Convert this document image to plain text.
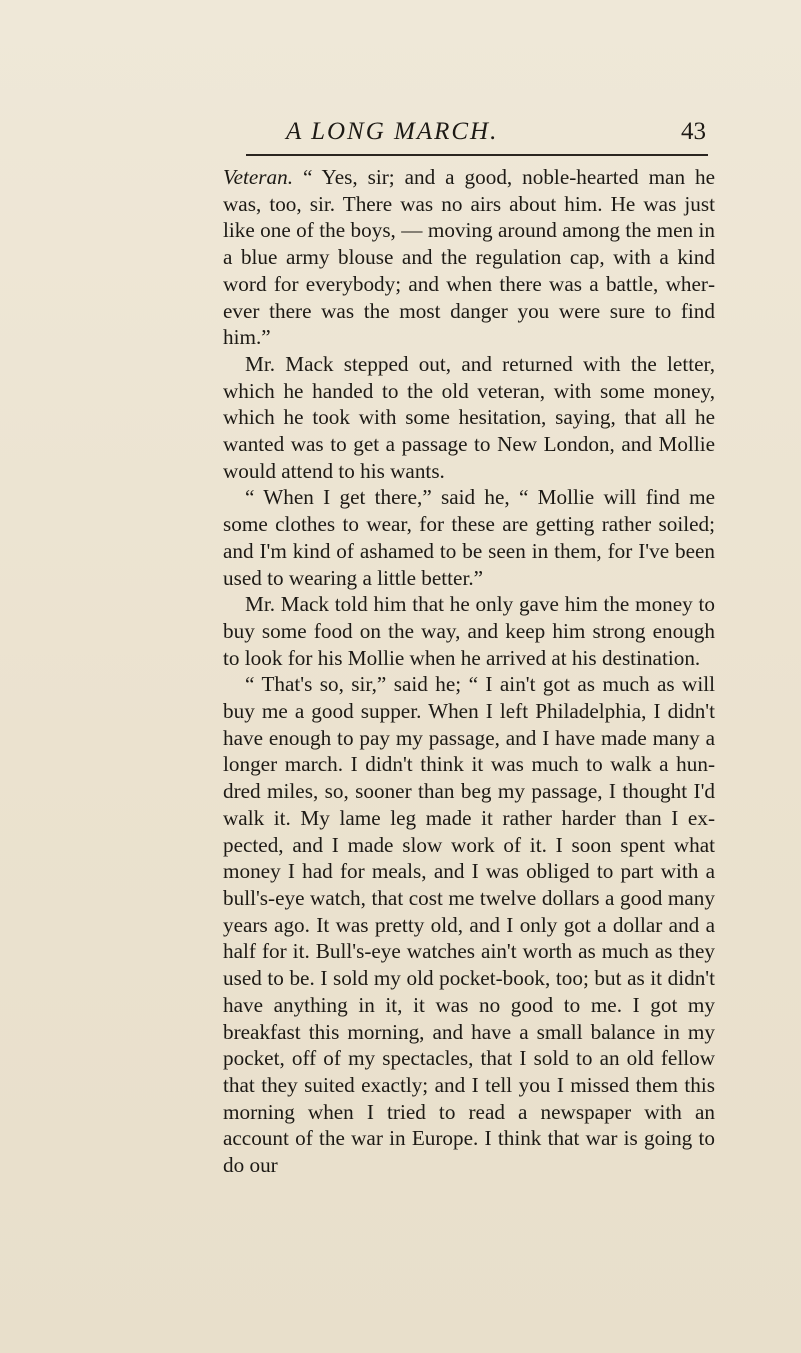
A LONG MARCH.	43

Veteran. “ Yes, sir; and a good, noble-hearted man he was, too, sir. There was no airs about him. He was just like one of the boys, — moving around among the men in a blue army blouse and the regulation cap, with a kind word for everybody; and when there was a battle, wherever there was the most danger you were sure to find him.”

Mr. Mack stepped out, and returned with the letter, which he handed to the old veteran, with some money, which he took with some hesitation, saying, that all he wanted was to get a passage to New London, and Mollie would attend to his wants.

“ When I get there,” said he, “ Mollie will find me some clothes to wear, for these are getting rather soiled; and I'm kind of ashamed to be seen in them, for I've been used to wearing a little better.”

Mr. Mack told him that he only gave him the money to buy some food on the way, and keep him strong enough to look for his Mollie when he arrived at his destination.

“ That's so, sir,” said he; “ I ain't got as much as will buy me a good supper. When I left Philadelphia, I didn't have enough to pay my passage, and I have made many a longer march. I didn't think it was much to walk a hundred miles, so, sooner than beg my passage, I thought I'd walk it. My lame leg made it rather harder than I expected, and I made slow work of it. I soon spent what money I had for meals, and I was obliged to part with a bull's-eye watch, that cost me twelve dollars a good many years ago. It was pretty old, and I only got a dollar and a half for it. Bull's-eye watches ain't worth as much as they used to be. I sold my old pocket-book, too; but as it didn't have anything in it, it was no good to me. I got my breakfast this morning, and have a small balance in my pocket, off of my spectacles, that I sold to an old fellow that they suited exactly; and I tell you I missed them this morning when I tried to read a newspaper with an account of the war in Europe. I think that war is going to do our
